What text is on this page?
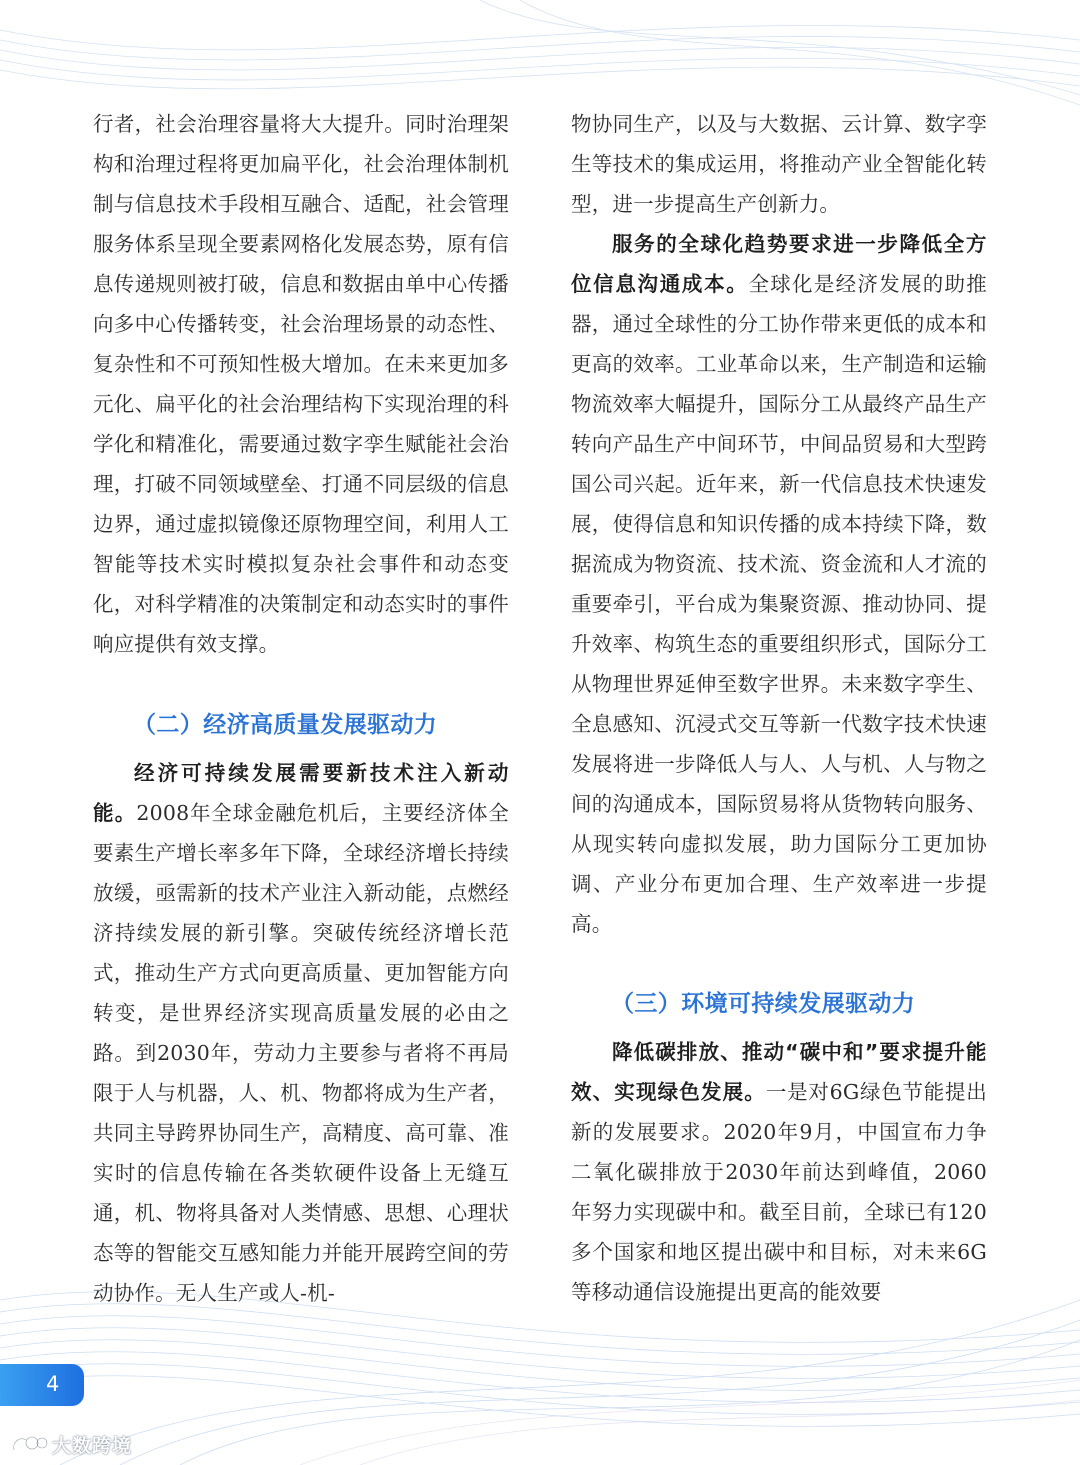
行者，社会治理容量将大大提升。同时治理架构和治理过程将更加扁平化，社会治理体制机制与信息技术手段相互融合、适配，社会管理服务体系呈现全要素网格化发展态势，原有信息传递规则被打破，信息和数据由单中心传播向多中心传播转变，社会治理场景的动态性、复杂性和不可预知性极大增加。在未来更加多元化、扁平化的社会治理结构下实现治理的科学化和精准化，需要通过数字孪生赋能社会治理，打破不同领域壁垒、打通不同层级的信息边界，通过虚拟镜像还原物理空间，利用人工智能等技术实时模拟复杂社会事件和动态变化，对科学精准的决策制定和动态实时的事件响应提供有效支撑。

（二）经济高质量发展驱动力

经济可持续发展需要新技术注入新动能。2008年全球金融危机后，主要经济体全要素生产增长率多年下降，全球经济增长持续放缓，亟需新的技术产业注入新动能，点燃经济持续发展的新引擎。突破传统经济增长范式，推动生产方式向更高质量、更加智能方向转变，是世界经济实现高质量发展的必由之路。到2030年，劳动力主要参与者将不再局限于人与机器，人、机、物都将成为生产者，共同主导跨界协同生产，高精度、高可靠、准实时的信息传输在各类软硬件设备上无缝互通，机、物将具备对人类情感、思想、心理状态等的智能交互感知能力并能开展跨空间的劳动协作。无人生产或人-机-

物协同生产，以及与大数据、云计算、数字孪生等技术的集成运用，将推动产业全智能化转型，进一步提高生产创新力。

服务的全球化趋势要求进一步降低全方位信息沟通成本。全球化是经济发展的助推器，通过全球性的分工协作带来更低的成本和更高的效率。工业革命以来，生产制造和运输物流效率大幅提升，国际分工从最终产品生产转向产品生产中间环节，中间品贸易和大型跨国公司兴起。近年来，新一代信息技术快速发展，使得信息和知识传播的成本持续下降，数据流成为物资流、技术流、资金流和人才流的重要牵引，平台成为集聚资源、推动协同、提升效率、构筑生态的重要组织形式，国际分工从物理世界延伸至数字世界。未来数字孪生、全息感知、沉浸式交互等新一代数字技术快速发展将进一步降低人与人、人与机、人与物之间的沟通成本，国际贸易将从货物转向服务、从现实转向虚拟发展，助力国际分工更加协调、产业分布更加合理、生产效率进一步提高。

（三）环境可持续发展驱动力

降低碳排放、推动“碳中和”要求提升能效、实现绿色发展。一是对6G绿色节能提出新的发展要求。2020年9月，中国宣布力争二氧化碳排放于2030年前达到峰值，2060年努力实现碳中和。截至目前，全球已有120多个国家和地区提出碳中和目标，对未来6G等移动通信设施提出更高的能效要

4
大数跨境
